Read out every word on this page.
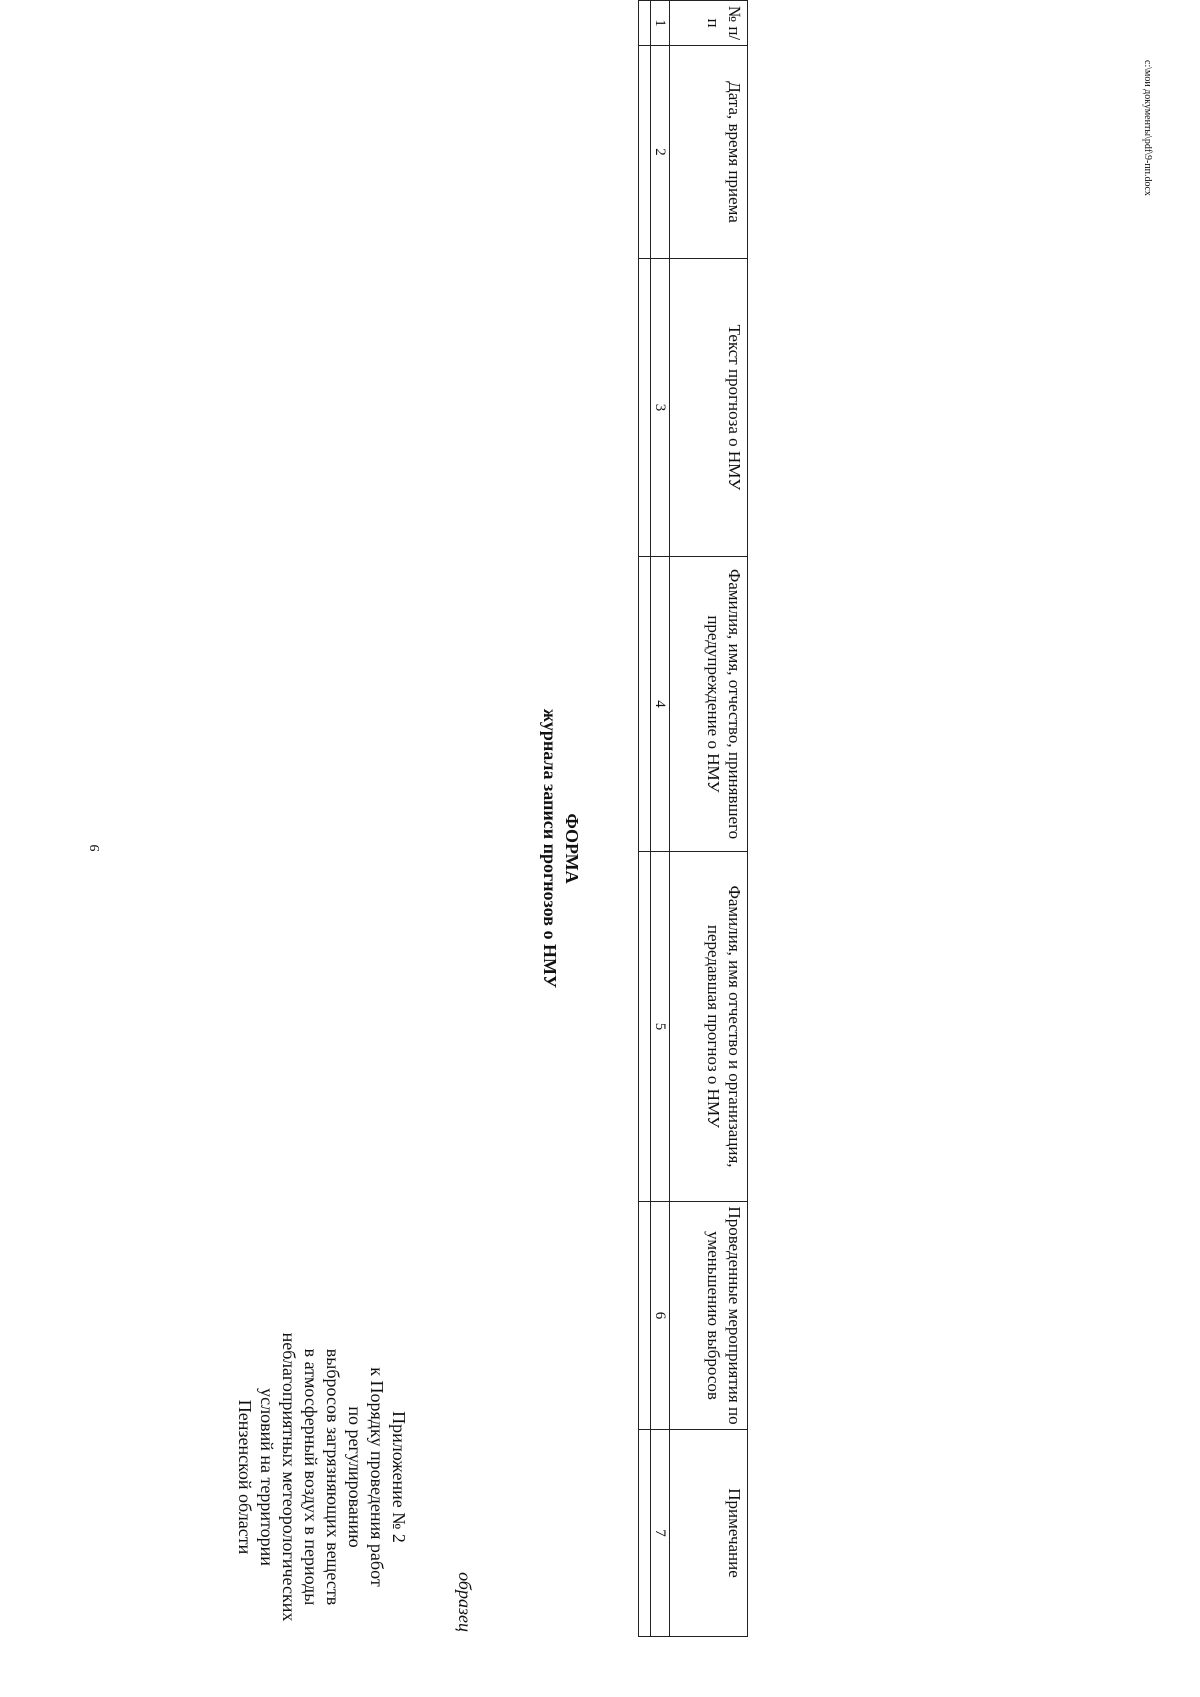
9
c:\мои документы\pdf\9-пп.docx
Приложение № 2
к Порядку проведения работ
по регулированию
выбросов загрязняющих веществ
в атмосферный воздух в периоды
неблагоприятных метеорологических
условий на территории
Пензенской области
образец
ФОРМА
журнала записи прогнозов о НМУ
№ п/п	Дата, время приема	Текст прогноза о НМУ	Фамилия, имя, отчество, принявшего предупреждение о НМУ	Фамилия, имя отчество и организация, передавшая прогноз о НМУ	Проведенные мероприятия по уменьшению выбросов	Примечание
1	2	3	4	5	6	7
